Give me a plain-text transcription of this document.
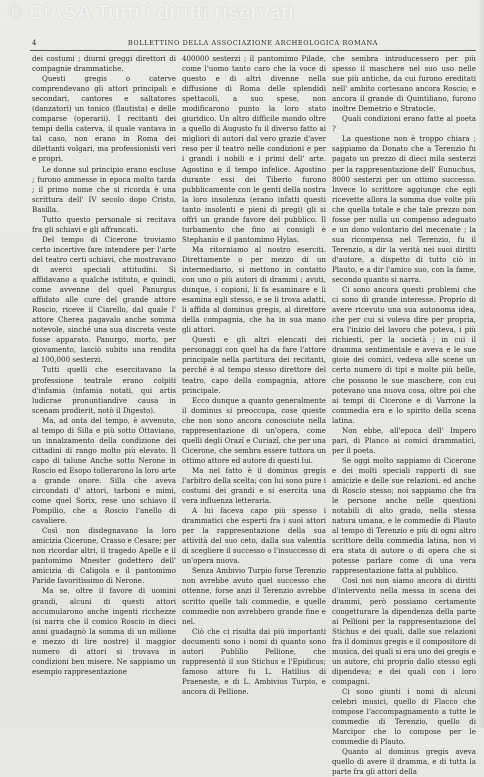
© BiASA Tutti i diritti riservati
4	BOLLETTINO DELLA ASSOCIAZIONE ARCHEOLOGICA ROMANA

dei costumi ; diurni greggi direttori di compagnie drammatiche.

Questi gregis o caterve comprendevano gli attori principali e secondari, cantores e saltatores (danzatori) un tonico (flautista) e delle comparse (operarii). I recitanti dei tempi della caterva, il quale vantava in tal caso, non erano in Roma dei dilettanti volgari, ma professionisti veri e propri.

Le donne sul principio erano escluse ; furono ammesse in epoca molto tarda ; il primo nome che si ricorda è una scrittura dell' IV secolo dopo Cristo, Basilla.

Tutto questo personale si recitava fra gli schiavi e gli affrancati.

Del tempo di Cicerone troviamo certo incertive fare intendere per l'arte del teatro certi schiavi, che mostravano di averci speciali attitudini. Si affidavano a qualche istituto, e quindi, come avvenne del quel Panurgus affidato alle cure del grande attore Roscio, riceve il Ciarello, dal quale l' attore Cherea pagavalo anche somma notevole, sinché una sua discreta veste fosse apparato. Panurgo, morto, per giovamento, lasciò subito una rendita al 100,000 sesterzi.

Tutti quelli che esercitavano la professione teatrale erano colpiti d'infamia (infamia notati, qui artis ludicrae pronuntiandive causa in scenam prodierit, notò il Digesto).

Ma, ad onta del tempo, è avvenuto, al tempo di Silla e più sotto Ottaviano, un innalzamento della condizione dei cittadini di rango molto più elevato. Il capo di talune Anche sotto Nerone in Roscio ed Esopo tollerarono la loro arte a grande onore. Silla che aveva circondati d' attori, tarboni e mimi, come quel Sorix, rese uno schiavo il Pompilio, che a Roscio l'anello di cavaliere.

Così non disdegnavano la loro amicizia Cicerone, Crasso e Cesare; per non ricordar altri, il tragedo Apelle e il pantomimo Mnester godettero dell' amicizia di Caligola e il pantomimo Paride favoritissimo di Nerone.

Ma se, oltre il favore di uomini grandi, alcuni di questi attori accumularono anche ingenti ricchezze (si narra che il comico Roscio in dieci anni guadagnò la somma di un milione e mezzo di lire nostre) il maggior numero di attori si trovava in condizioni ben misere. Ne sappiamo un esempio rappresentazione

400000 sesterzi ; il pantomimo Pilade, come l'uomo tanto caro che la voce di questo e di altri divenne nella diffusione di Roma delle splendidi spettacoli, a suo spese, non modificarono punto la loro stato giuridico. Un altro difficile mondo oltre a quello di Augusto fu il diverso fatto ai migliori di autori dal vero grazie d'aver reso per il teatro nelle condizioni e per i grandi i nobili e i primi dell' arte. Agostino e il tempo infelice. Agostino durante essi dei Tiberio furono pubblicamente con le genti della nostra la loro insolenza (erano infatti questi tanto insolenti e pieni di pregi) gli si offrì un grande favore del pubblico. Il turbamento che fino ai consigli è Stephanio e il pantomimo Hylas.

Ma ritorniamo al nostro eserciti. Direttamente o per mezzo di un intermediario, si mettono in contatto con uno o più autori di drammi ; avuti, dunque, i copioni, li fa esaminare e li esamina egli stesso, e se li trova adatti, li affida al dominus gregis, al direttore della compagnia, che ha in sua mano gli attori.

Questi e gli altri elencati dei personaggi con quel ha da fare l'attore principale nella partitura dei recitanti, perché è al tempo stesso direttore del teatro, capo della compagnia, attore principale.

Ecco dunque a quanto generalmente il dominus si preoccupa, cose queste che non sono ancora conosciute nella rappresentazione di un'opera, come quelli degli Orazî e Curiazî, che per una Cicerone, che sembra essere tuttora un ottimo attore ed autore di questi lui.

Ma nel fatto è il dominus gregis l'arbitro della scelta; con lui sono pure i costumi dei grandi e si esercita una vera influenza letteraria.

A lui faceva capo più spesso i drammatici che esperti fra i suoi attori per la rappresentazione della sua attività del suo ceto, dalla sua valentia di scegliere il successo o l'insuccesso di un'opera nuova.

Senza Ambivio Turpio forse Terenzio non avrebbe avuto quel successo che ottenne, forse anzi il Terenzio avrebbe scritto quelle tali commedie, e quelle commedie non avrebbero grande fine e nel.

Ciò che ci risulta dai più importanti documenti sono i nomi di quanto sono autori Publilio Pellione, che rappresentò il suo Stichus e l'Epidicus; famoso attore fu L. Hatilius di Praeneste, e di L. Ambivius Turpio, e ancora di Pellione.

che sembra introducessero per più spesso il maschere nel suo uso nelle sue più antiche, da cui furono ereditati nell' ambito cortesano ancora Roscio; e ancora il grande di Quintiliano, furono inoltre Demetrio e Stratocle.

Quali condizioni erano fatte al poeta ?

La questione non è troppo chiara ; sappiamo da Donato che a Terenzio fu pagato un prezzo di dieci mila sesterzi per la rappresentazione dell' Eunuchus, 8000 sesterzi per un ottimo successo. Invece lo scrittore aggiunge che egli ricevette allora la somma due volte più che quella totale e che tale prezzo non fosse per nulla un compenso adeguato e un dono volontario del mecenate ; la sua ricompensa nel Terenzio, fu il Terenzio, a dir la verità nei suoi diritti d'autore, a dispetto di tutto ciò in Plauto, e a dir l'amico suo, con la fame, secondo quanto si narra.

Ci sono ancora questi problemi che ci sono di grande interesse. Proprio di avere ricevuto una sua autonoma idea, che per cui si voleva dire per propria, era l'inizio del lavoro che poteva, i più richiesti, per la società ; in cui il dramma sentimentale e aveva e le sue gioie dei comici, vedeva alle scene un certo numero di tipi e molte più belle, che possono le sue maschere, con cui potevano una nuova cosa, oltre poi che ai tempi di Cicerone e di Varrone la commedia era e lo spirito della scena latina.

Non ebbe, all'epoca dell' Impero pari, di Planco ai comici drammatici, per il poeta.

Se oggi molto sappiamo di Cicerone e dei molti speciali rapporti di sue amicizie e delle sue relazioni, ed anche di Roscio stesso; noi sappiamo che fra le persone anche nelle questioni notabili di alto grado, nella stessa natura umana, e le commedie di Plauto al tempo di Terenzio e più di ogni altro scrittore della commedia latina, non vi era stata di autore o di opera che si potesse parlare come di una vera rappresentazione fatta al pubblico.

Così noi non siamo ancora di diritti d'intervento nella messa in scena dei drammi, però possiamo certamente congetturare la dipendenza della parte ai Pellioni per la rappresentazione del Stichus e dei quali, dalle sue relazioni fra il dominus gregis e il compositore di musica, dei quali si era uno dei gregis e un autore, chi proprio dallo stesso egli dipendeva; e dei quali con i loro compagni.

Ci sono giunti i nomi di alcuni celebri musici, quello di Flacco che compose l'accompagnamento a tutte le commedie di Terenzio, quello di Marcipor che lo compose per le commedie di Plauto.

Quanto al dominus gregis aveva quello di avere il dramma, e di tutta la parte fra gli attori della
